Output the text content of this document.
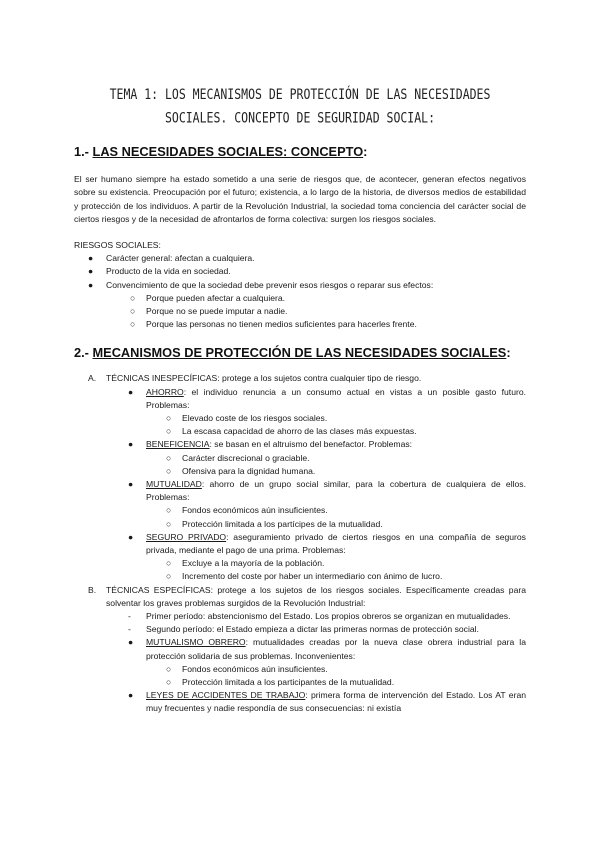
TEMA 1: LOS MECANISMOS DE PROTECCIÓN DE LAS NECESIDADES SOCIALES. CONCEPTO DE SEGURIDAD SOCIAL:
1.- LAS NECESIDADES SOCIALES: CONCEPTO:

El ser humano siempre ha estado sometido a una serie de riesgos que, de acontecer, generan efectos negativos sobre su existencia. Preocupación por el futuro; existencia, a lo largo de la historia, de diversos medios de estabilidad y protección de los individuos. A partir de la Revolución Industrial, la sociedad toma conciencia del carácter social de ciertos riesgos y de la necesidad de afrontarlos de forma colectiva: surgen los riesgos sociales.

RIESGOS SOCIALES:
● Carácter general: afectan a cualquiera.
● Producto de la vida en sociedad.
● Convencimiento de que la sociedad debe prevenir esos riesgos o reparar sus efectos:
○ Porque pueden afectar a cualquiera.
○ Porque no se puede imputar a nadie.
○ Porque las personas no tienen medios suficientes para hacerles frente.
2.- MECANISMOS DE PROTECCIÓN DE LAS NECESIDADES SOCIALES:
A. TÉCNICAS INESPECÍFICAS: protege a los sujetos contra cualquier tipo de riesgo.
● AHORRO: el individuo renuncia a un consumo actual en vistas a un posible gasto futuro. Problemas:
○ Elevado coste de los riesgos sociales.
○ La escasa capacidad de ahorro de las clases más expuestas.
● BENEFICENCIA: se basan en el altruismo del benefactor. Problemas:
○ Carácter discrecional o graciable.
○ Ofensiva para la dignidad humana.
● MUTUALIDAD: ahorro de un grupo social similar, para la cobertura de cualquiera de ellos. Problemas:
○ Fondos económicos aún insuficientes.
○ Protección limitada a los partícipes de la mutualidad.
● SEGURO PRIVADO: aseguramiento privado de ciertos riesgos en una compañía de seguros privada, mediante el pago de una prima. Problemas:
○ Excluye a la mayoría de la población.
○ Incremento del coste por haber un intermediario con ánimo de lucro.
B. TÉCNICAS ESPECÍFICAS: protege a los sujetos de los riesgos sociales. Específicamente creadas para solventar los graves problemas surgidos de la Revolución Industrial:
- Primer período: abstencionismo del Estado. Los propios obreros se organizan en mutualidades.
- Segundo período: el Estado empieza a dictar las primeras normas de protección social.
● MUTUALISMO OBRERO: mutualidades creadas por la nueva clase obrera industrial para la protección solidaria de sus problemas. Inconvenientes:
○ Fondos económicos aún insuficientes.
○ Protección limitada a los participantes de la mutualidad.
● LEYES DE ACCIDENTES DE TRABAJO: primera forma de intervención del Estado. Los AT eran muy frecuentes y nadie respondía de sus consecuencias: ni existía
